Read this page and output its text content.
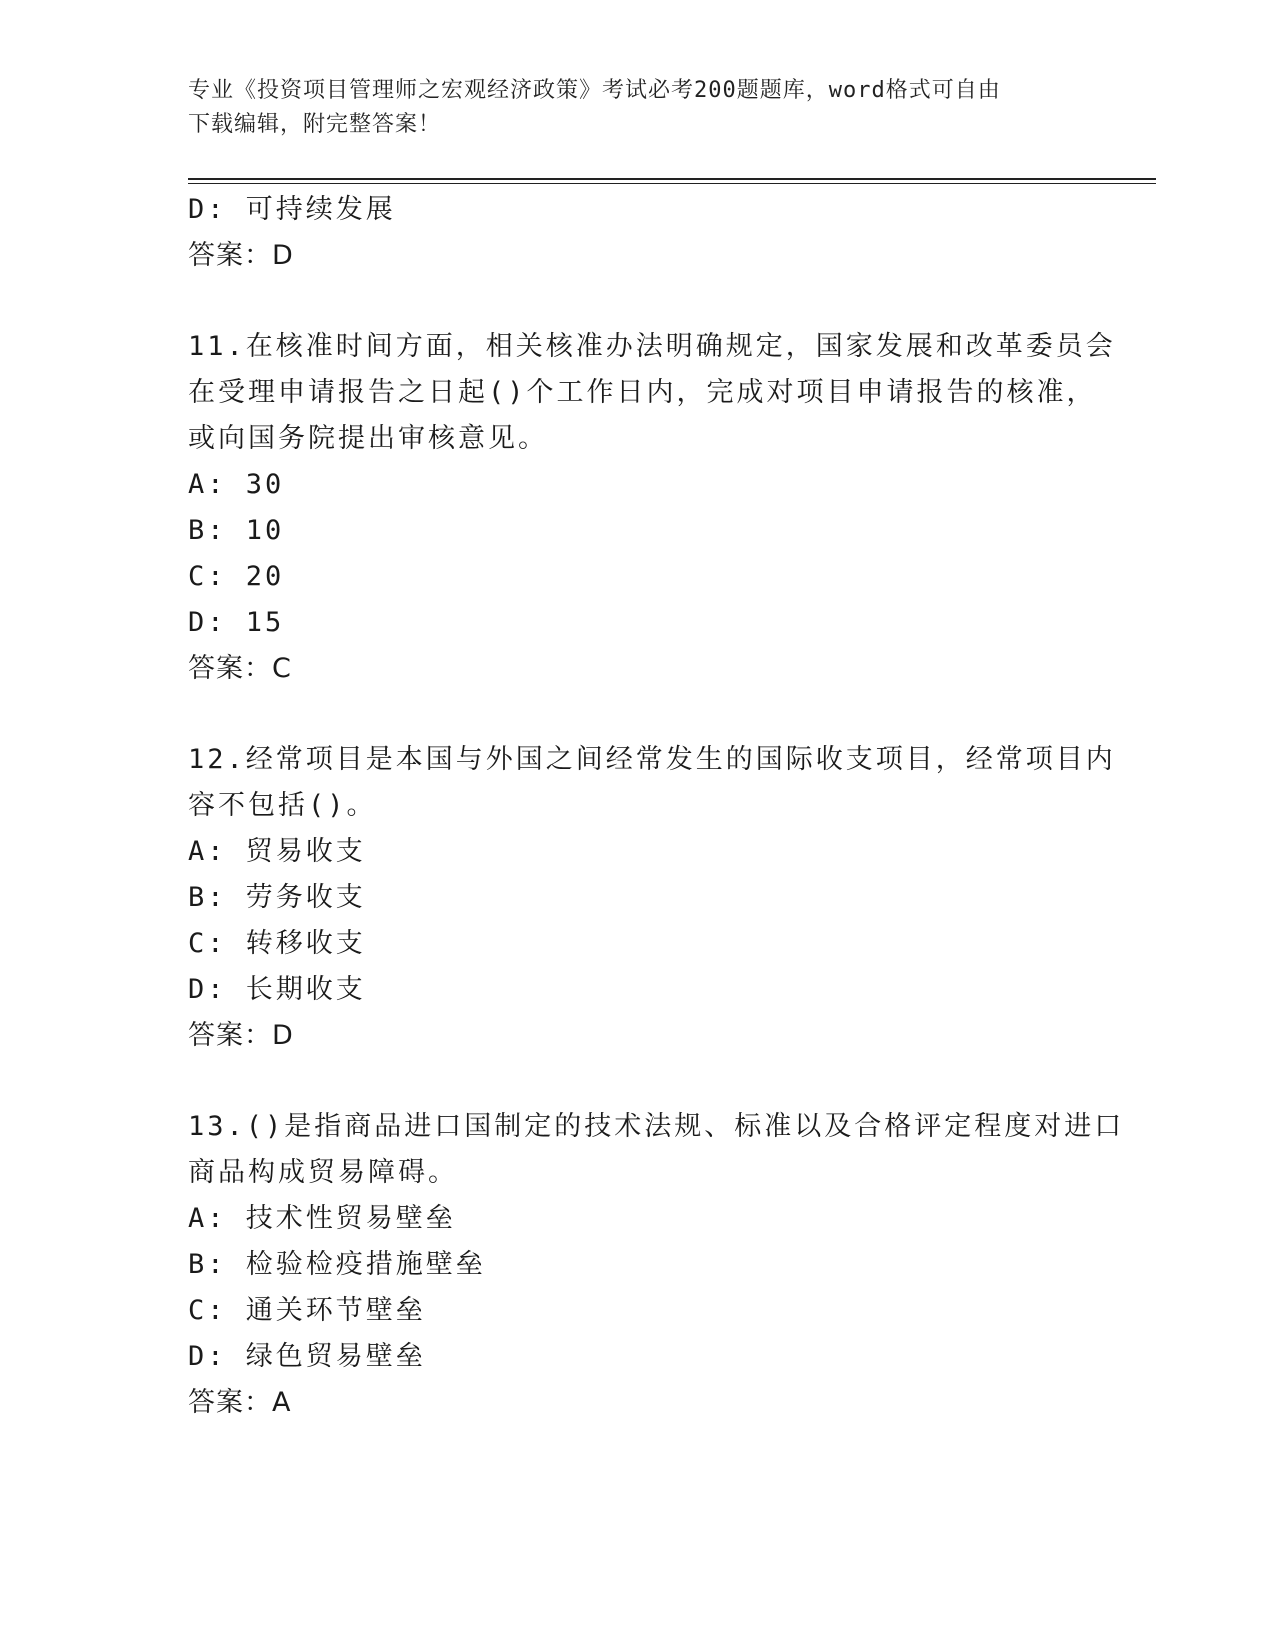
专业《投资项目管理师之宏观经济政策》考试必考200题题库，word格式可自由
下载编辑，附完整答案！
D: 可持续发展
答案：D
11.在核准时间方面，相关核准办法明确规定，国家发展和改革委员会
在受理申请报告之日起()个工作日内，完成对项目申请报告的核准，
或向国务院提出审核意见。
A: 30
B: 10
C: 20
D: 15
答案：C
12.经常项目是本国与外国之间经常发生的国际收支项目，经常项目内
容不包括()。
A: 贸易收支
B: 劳务收支
C: 转移收支
D: 长期收支
答案：D
13.()是指商品进口国制定的技术法规、标准以及合格评定程度对进口
商品构成贸易障碍。
A: 技术性贸易壁垒
B: 检验检疫措施壁垒
C: 通关环节壁垒
D: 绿色贸易壁垒
答案：A
